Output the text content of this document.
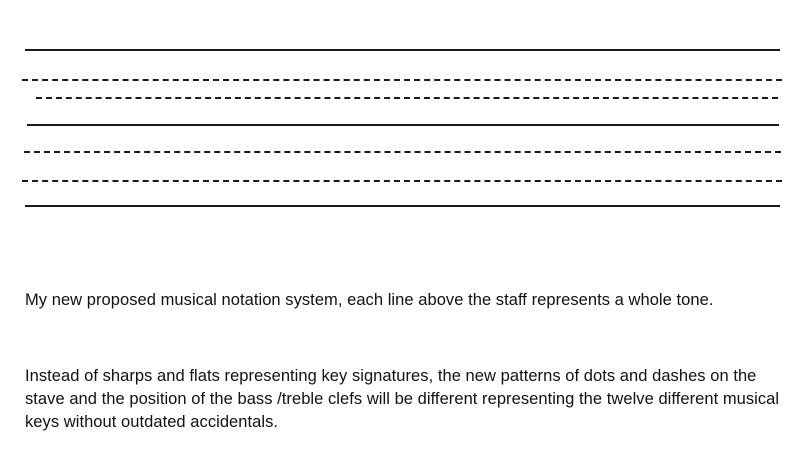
My new proposed musical notation system, each line above the staff represents a whole tone.

Instead of sharps and flats representing key signatures, the new patterns of dots and dashes on the stave and the position of the bass /treble clefs will be different representing the twelve different musical keys without outdated accidentals.
